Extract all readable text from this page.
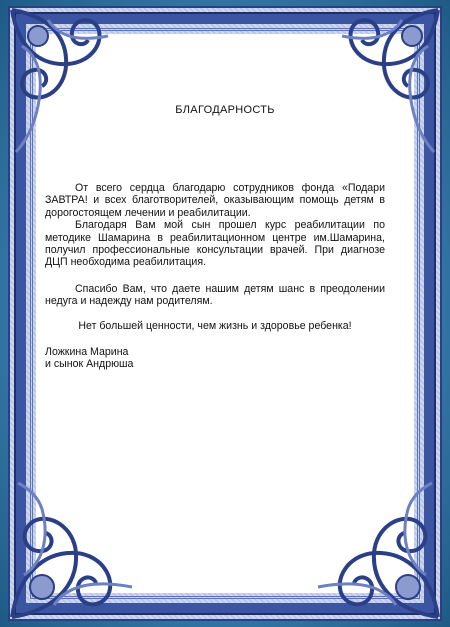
БЛАГОДАРНОСТЬ

От всего сердца благодарю сотрудников фонда «Подари ЗАВТРА! и всех благотворителей, оказывающим помощь детям в дорогостоящем лечении и реабилитации.

Благодаря Вам мой сын прошел курс реабилитации по методике Шамарина в реабилитационном центре им.Шамарина, получил профессиональные консультации врачей. При диагнозе ДЦП необходима реабилитация.

Спасибо Вам, что даете нашим детям шанс в преодолении недуга и надежду нам родителям.

Нет большей ценности, чем жизнь и здоровье ребенка!

Ложкина Марина

и сынок Андрюша
